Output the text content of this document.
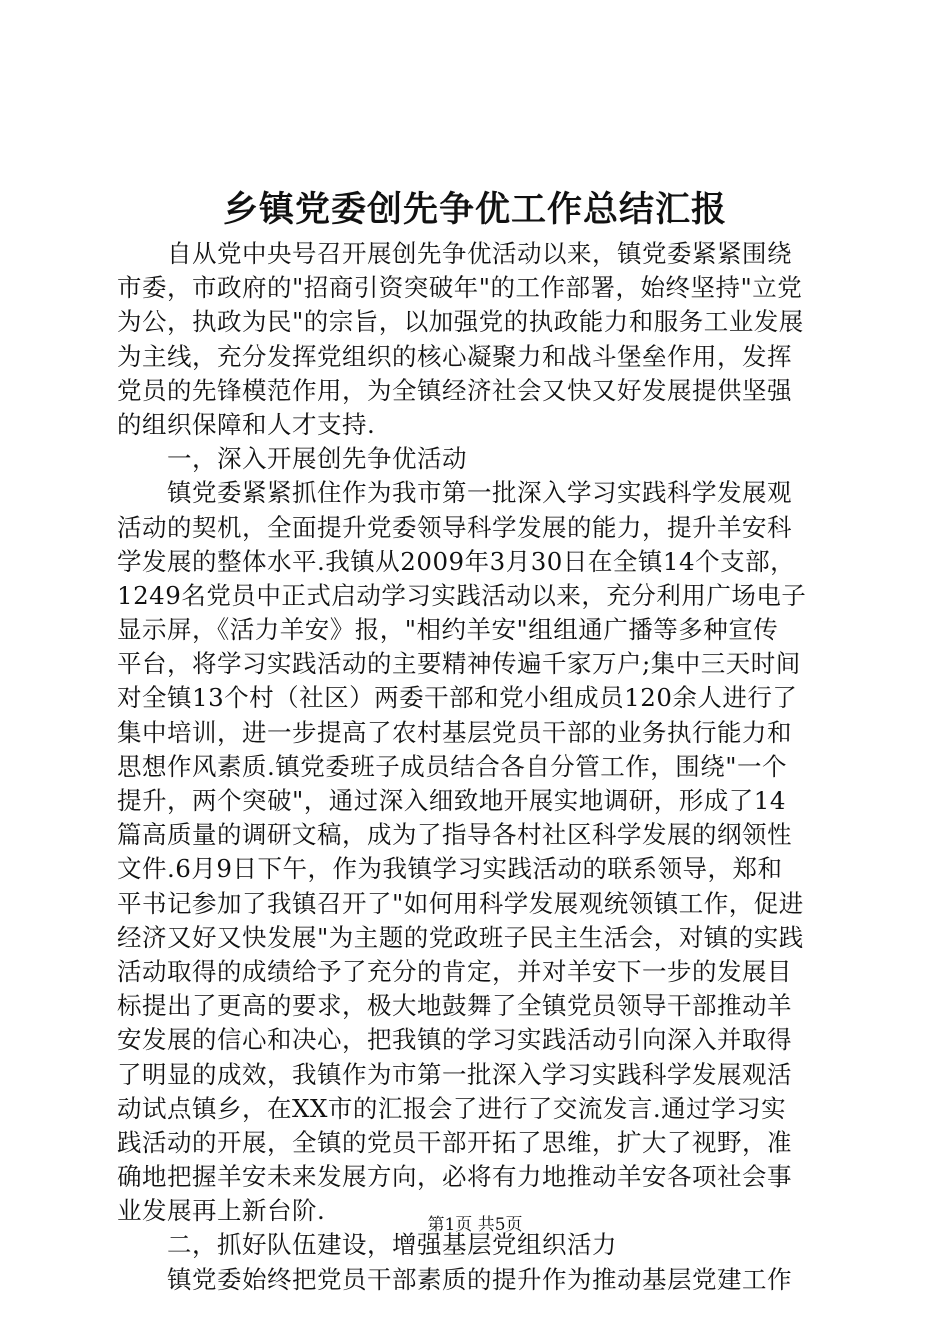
乡镇党委创先争优工作总结汇报
　　自从党中央号召开展创先争优活动以来，镇党委紧紧围绕
市委，市政府的"招商引资突破年"的工作部署，始终坚持"立党
为公，执政为民"的宗旨，以加强党的执政能力和服务工业发展
为主线，充分发挥党组织的核心凝聚力和战斗堡垒作用，发挥
党员的先锋模范作用，为全镇经济社会又快又好发展提供坚强
的组织保障和人才支持.
　　一，深入开展创先争优活动
　　镇党委紧紧抓住作为我市第一批深入学习实践科学发展观
活动的契机，全面提升党委领导科学发展的能力，提升羊安科
学发展的整体水平.我镇从2009年3月30日在全镇14个支部，
1249名党员中正式启动学习实践活动以来，充分利用广场电子
显示屏，《活力羊安》报，"相约羊安"组组通广播等多种宣传
平台，将学习实践活动的主要精神传遍千家万户;集中三天时间
对全镇13个村（社区）两委干部和党小组成员120余人进行了
集中培训，进一步提高了农村基层党员干部的业务执行能力和
思想作风素质.镇党委班子成员结合各自分管工作，围绕"一个
提升，两个突破"，通过深入细致地开展实地调研，形成了14
篇高质量的调研文稿，成为了指导各村社区科学发展的纲领性
文件.6月9日下午，作为我镇学习实践活动的联系领导，郑和
平书记参加了我镇召开了"如何用科学发展观统领镇工作，促进
经济又好又快发展"为主题的党政班子民主生活会，对镇的实践
活动取得的成绩给予了充分的肯定，并对羊安下一步的发展目
标提出了更高的要求，极大地鼓舞了全镇党员领导干部推动羊
安发展的信心和决心，把我镇的学习实践活动引向深入并取得
了明显的成效，我镇作为市第一批深入学习实践科学发展观活
动试点镇乡，在XX市的汇报会了进行了交流发言.通过学习实
践活动的开展，全镇的党员干部开拓了思维，扩大了视野，准
确地把握羊安未来发展方向，必将有力地推动羊安各项社会事
业发展再上新台阶.
　　二，抓好队伍建设，增强基层党组织活力
　　镇党委始终把党员干部素质的提升作为推动基层党建工作
第1页 共5页
